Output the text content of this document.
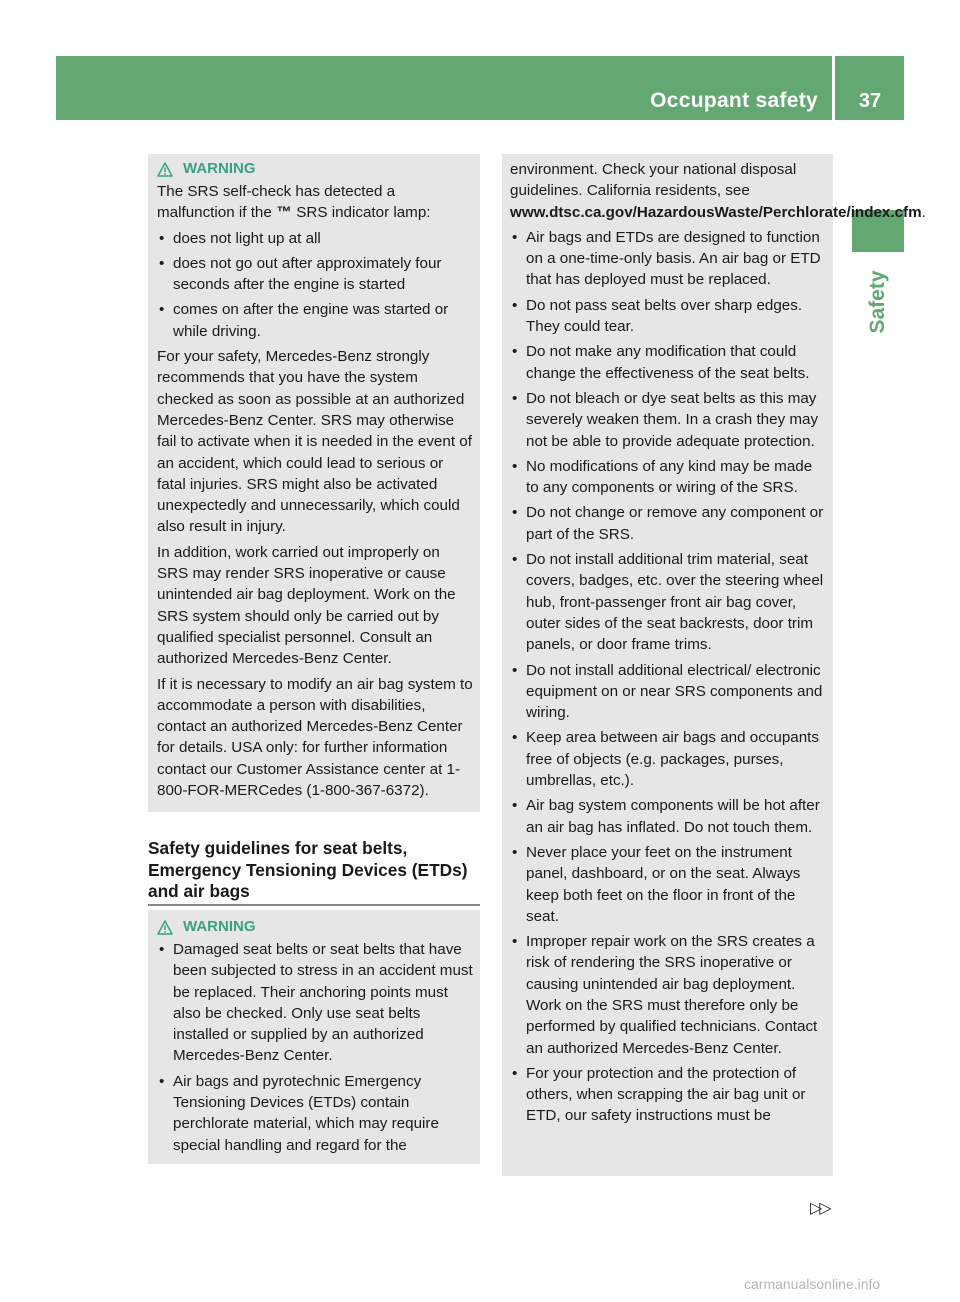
Occupant safety	37
Safety
WARNING

The SRS self-check has detected a malfunction if the ™ SRS indicator lamp:

• does not light up at all
• does not go out after approximately four seconds after the engine is started
• comes on after the engine was started or while driving.

For your safety, Mercedes-Benz strongly recommends that you have the system checked as soon as possible at an authorized Mercedes-Benz Center. SRS may otherwise fail to activate when it is needed in the event of an accident, which could lead to serious or fatal injuries. SRS might also be activated unexpectedly and unnecessarily, which could also result in injury.

In addition, work carried out improperly on SRS may render SRS inoperative or cause unintended air bag deployment. Work on the SRS system should only be carried out by qualified specialist personnel. Consult an authorized Mercedes-Benz Center.

If it is necessary to modify an air bag system to accommodate a person with disabilities, contact an authorized Mercedes-Benz Center for details. USA only: for further information contact our Customer Assistance center at 1-800-FOR-MERCedes (1-800-367-6372).

Safety guidelines for seat belts, Emergency Tensioning Devices (ETDs) and air bags
WARNING
• Damaged seat belts or seat belts that have been subjected to stress in an accident must be replaced. Their anchoring points must also be checked. Only use seat belts installed or supplied by an authorized Mercedes-Benz Center.
• Air bags and pyrotechnic Emergency Tensioning Devices (ETDs) contain perchlorate material, which may require special handling and regard for the

environment. Check your national disposal guidelines. California residents, see www.dtsc.ca.gov/HazardousWaste/Perchlorate/index.cfm.

• Air bags and ETDs are designed to function on a one-time-only basis. An air bag or ETD that has deployed must be replaced.
• Do not pass seat belts over sharp edges. They could tear.
• Do not make any modification that could change the effectiveness of the seat belts.
• Do not bleach or dye seat belts as this may severely weaken them. In a crash they may not be able to provide adequate protection.
• No modifications of any kind may be made to any components or wiring of the SRS.
• Do not change or remove any component or part of the SRS.
• Do not install additional trim material, seat covers, badges, etc. over the steering wheel hub, front-passenger front air bag cover, outer sides of the seat backrests, door trim panels, or door frame trims.
• Do not install additional electrical/ electronic equipment on or near SRS components and wiring.
• Keep area between air bags and occupants free of objects (e.g. packages, purses, umbrellas, etc.).
• Air bag system components will be hot after an air bag has inflated. Do not touch them.
• Never place your feet on the instrument panel, dashboard, or on the seat. Always keep both feet on the floor in front of the seat.
• Improper repair work on the SRS creates a risk of rendering the SRS inoperative or causing unintended air bag deployment. Work on the SRS must therefore only be performed by qualified technicians. Contact an authorized Mercedes-Benz Center.
• For your protection and the protection of others, when scrapping the air bag unit or ETD, our safety instructions must be
▷▷
carmanualsonline.info
